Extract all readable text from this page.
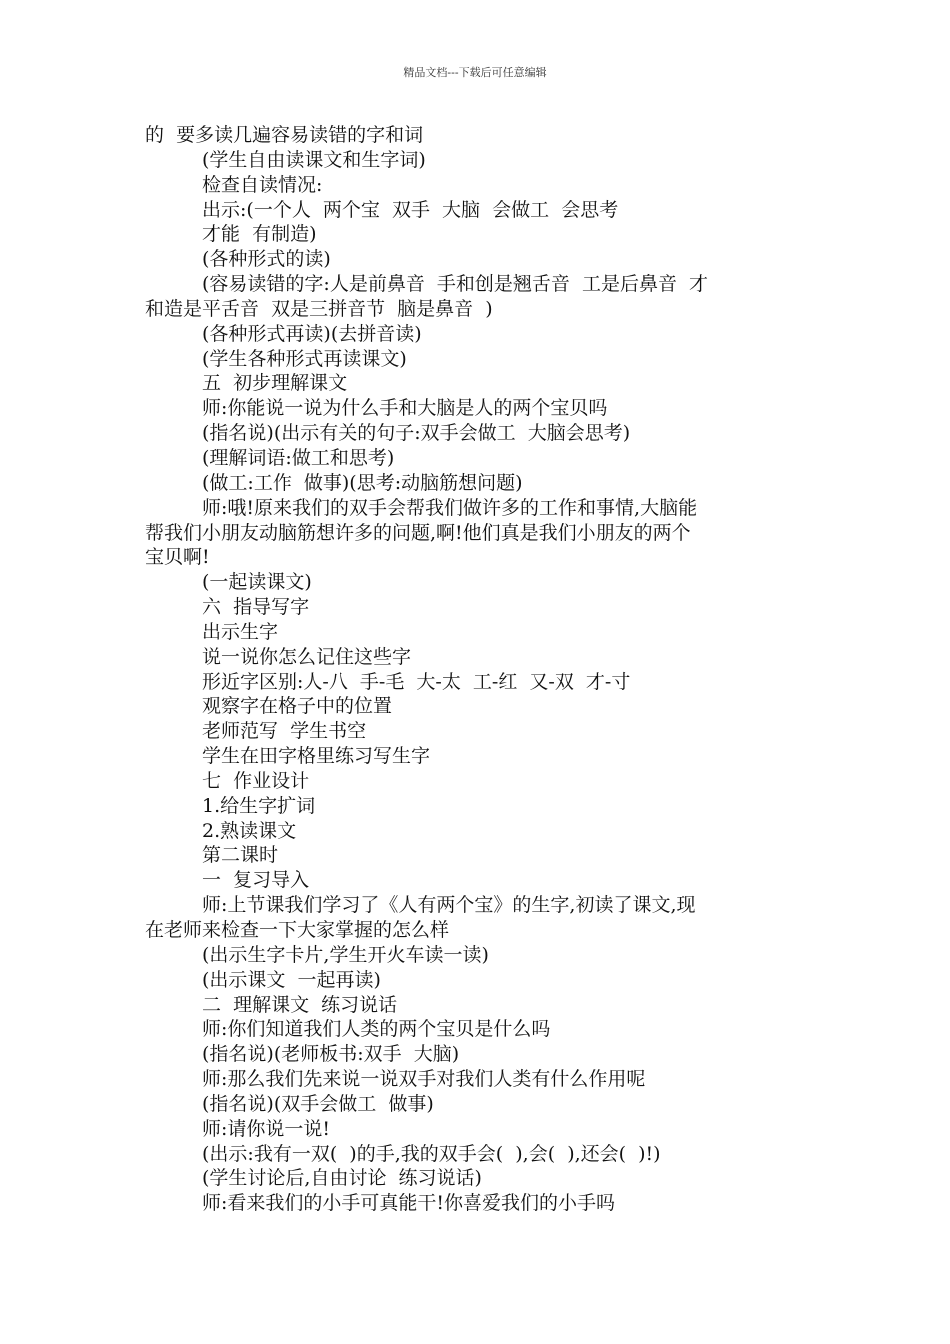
精品文档---下载后可任意编辑

的  要多读几遍容易读错的字和词

(学生自由读课文和生字词)

检查自读情况:

出示:(一个人  两个宝  双手  大脑  会做工  会思考

才能  有制造)

(各种形式的读)

(容易读错的字:人是前鼻音  手和创是翘舌音  工是后鼻音  才

和造是平舌音  双是三拼音节  脑是鼻音  )

(各种形式再读)(去拼音读)

(学生各种形式再读课文)

五  初步理解课文

师:你能说一说为什么手和大脑是人的两个宝贝吗

(指名说)(出示有关的句子:双手会做工  大脑会思考)

(理解词语:做工和思考)

(做工:工作  做事)(思考:动脑筋想问题)

师:哦!原来我们的双手会帮我们做许多的工作和事情,大脑能

帮我们小朋友动脑筋想许多的问题,啊!他们真是我们小朋友的两个

宝贝啊!

(一起读课文)

六  指导写字

出示生字

说一说你怎么记住这些字

形近字区别:人-八  手-毛  大-太  工-红  又-双  才-寸

观察字在格子中的位置

老师范写  学生书空

学生在田字格里练习写生字

七  作业设计

1.给生字扩词

2.熟读课文

第二课时

一  复习导入

师:上节课我们学习了《人有两个宝》的生字,初读了课文,现

在老师来检查一下大家掌握的怎么样

(出示生字卡片,学生开火车读一读)

(出示课文  一起再读)

二  理解课文  练习说话

师:你们知道我们人类的两个宝贝是什么吗

(指名说)(老师板书:双手  大脑)

师:那么我们先来说一说双手对我们人类有什么作用呢

(指名说)(双手会做工  做事)

师:请你说一说!

(出示:我有一双(  )的手,我的双手会(  ),会(  ),还会(  )!)

(学生讨论后,自由讨论  练习说话)

师:看来我们的小手可真能干!你喜爱我们的小手吗
